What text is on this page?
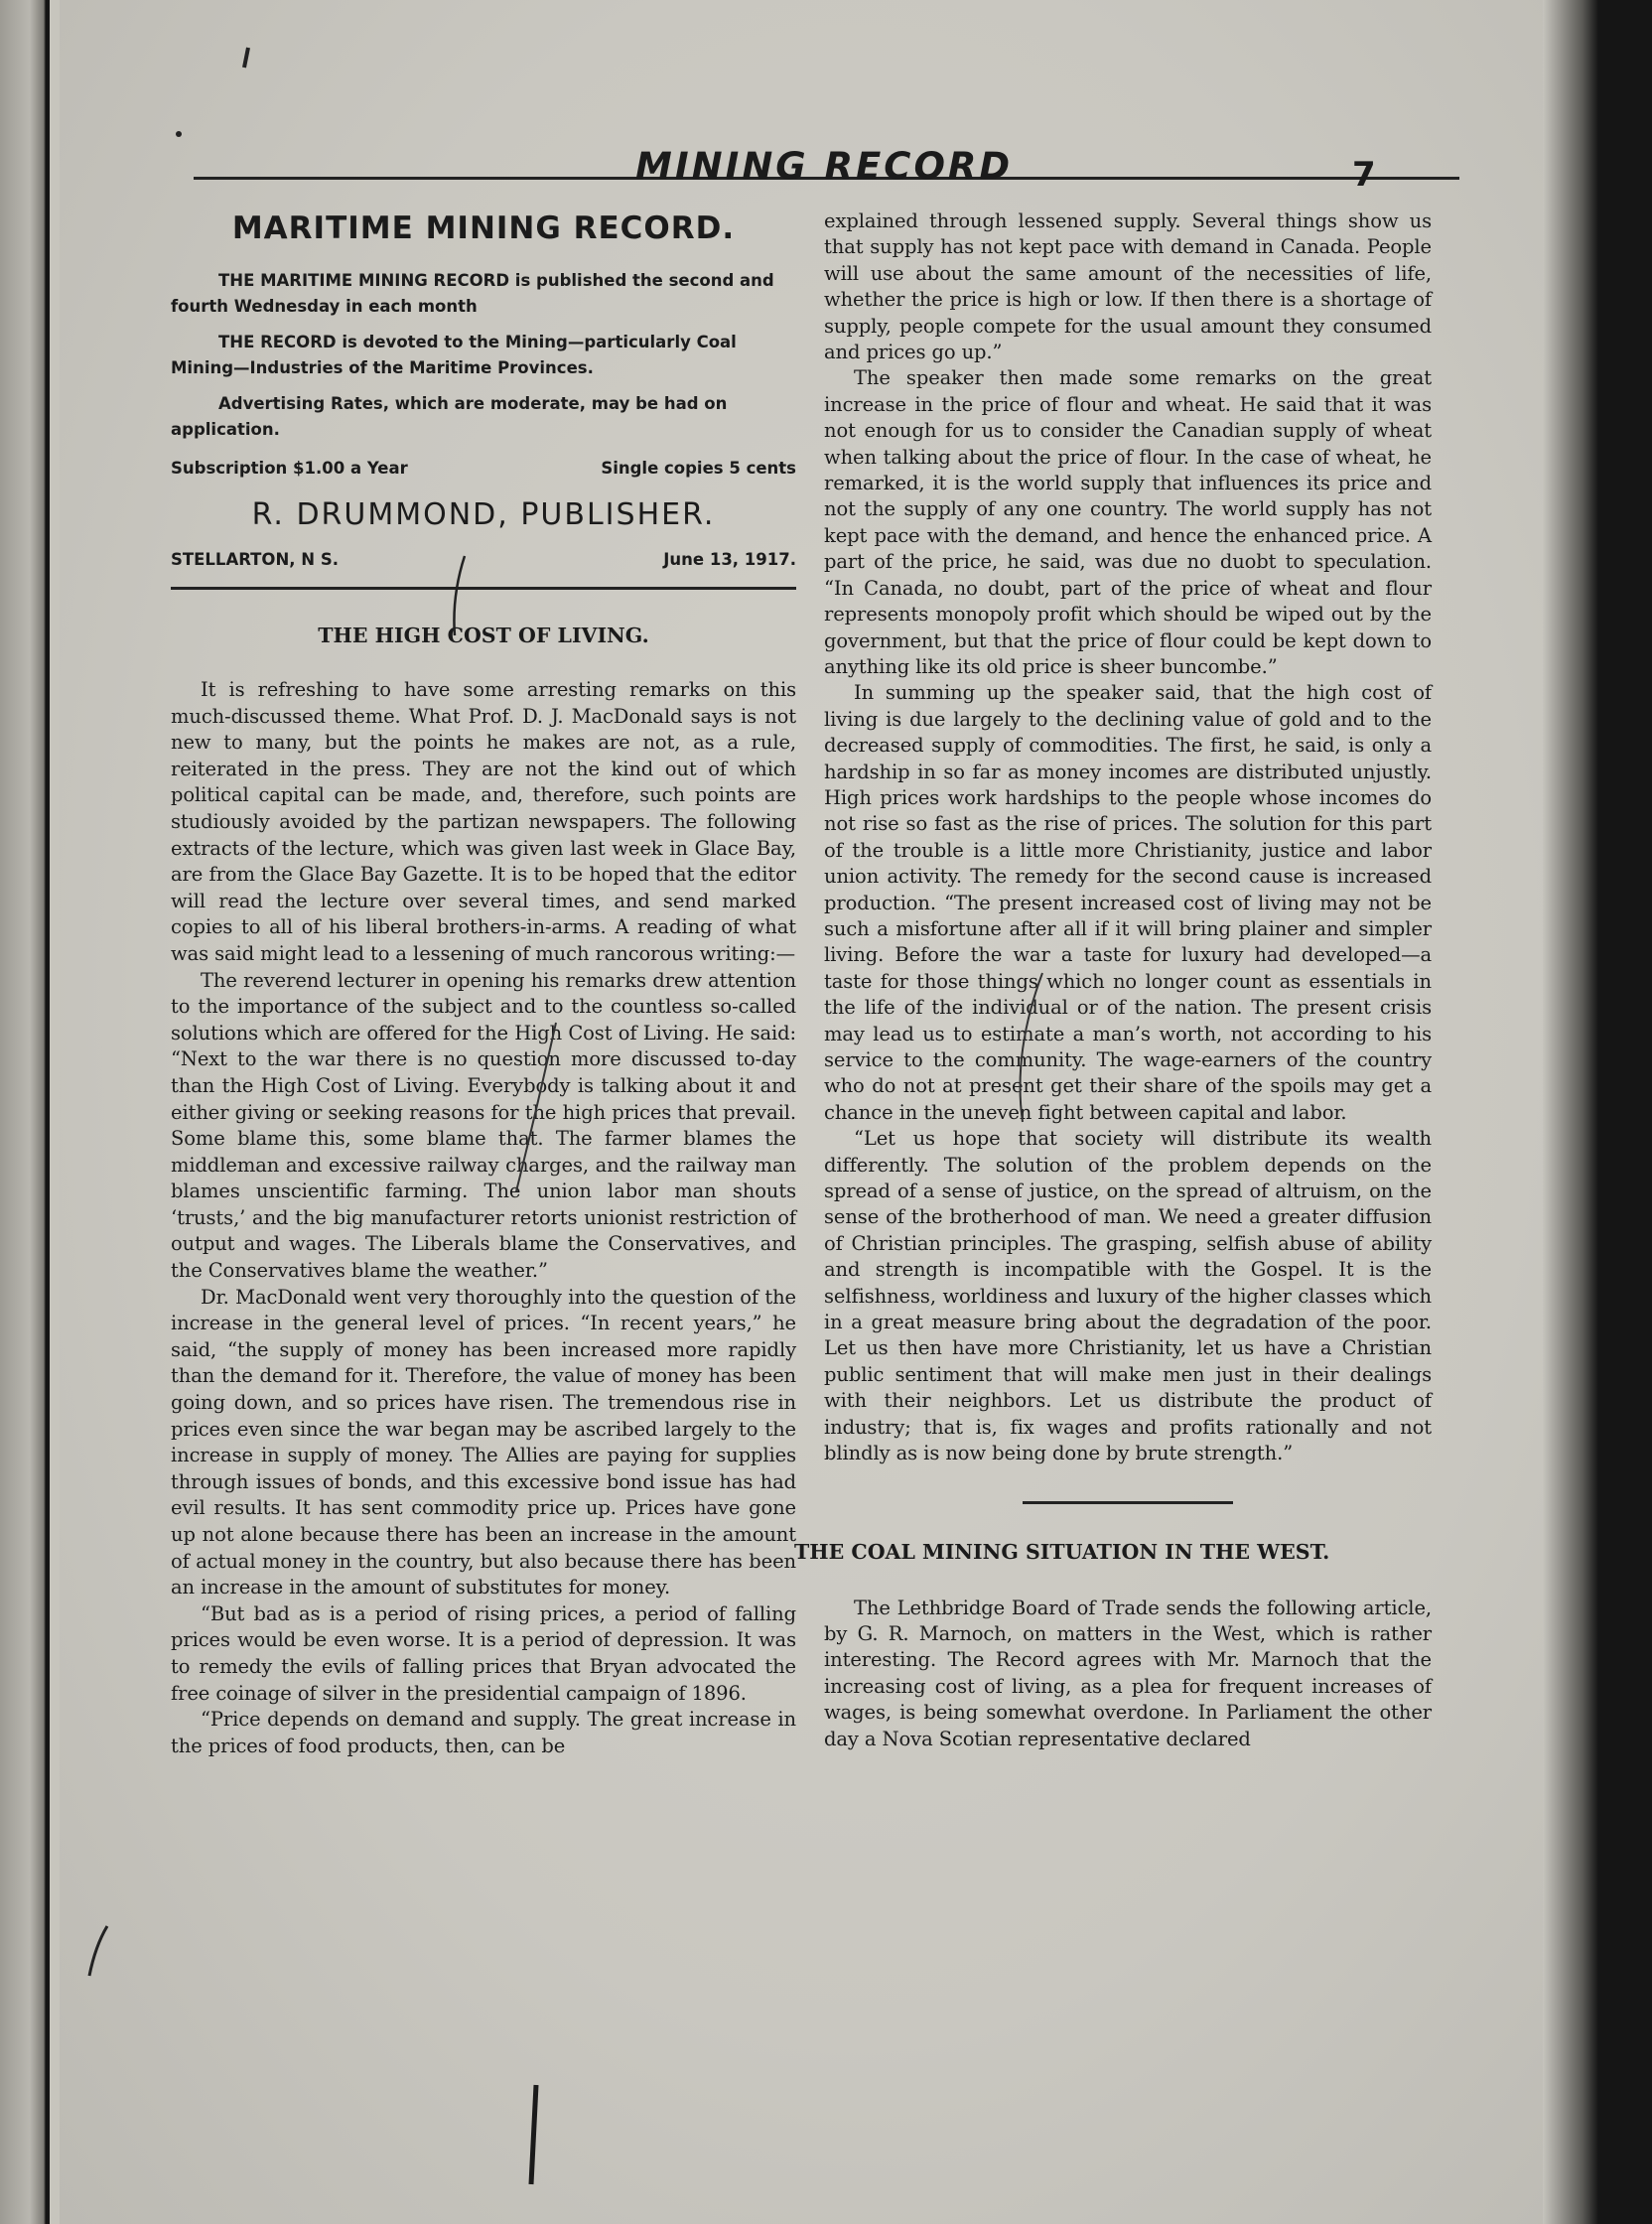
MINING RECORD	7
MARITIME MINING RECORD.

THE MARITIME MINING RECORD is published the second and fourth Wednesday in each month

THE RECORD is devoted to the Mining—particularly Coal Mining—Industries of the Maritime Provinces.

Advertising Rates, which are moderate, may be had on application.

Subscription $1.00 a Year	Single copies 5 cents
R. DRUMMOND, PUBLISHER.
STELLARTON, N S.	June 13, 1917.
THE HIGH COST OF LIVING.

It is refreshing to have some arresting remarks on this much-discussed theme. What Prof. D. J. MacDonald says is not new to many, but the points he makes are not, as a rule, reiterated in the press. They are not the kind out of which political capital can be made, and, therefore, such points are studiously avoided by the partizan newspapers. The following extracts of the lecture, which was given last week in Glace Bay, are from the Glace Bay Gazette. It is to be hoped that the editor will read the lecture over several times, and send marked copies to all of his liberal brothers-in-arms. A reading of what was said might lead to a lessening of much rancorous writing:—

The reverend lecturer in opening his remarks drew attention to the importance of the subject and to the countless so-called solutions which are offered for the High Cost of Living. He said: “Next to the war there is no question more discussed to-day than the High Cost of Living. Everybody is talking about it and either giving or seeking reasons for the high prices that prevail. Some blame this, some blame that. The farmer blames the middleman and excessive railway charges, and the railway man blames unscientific farming. The union labor man shouts ‘trusts,’ and the big manufacturer retorts unionist restriction of output and wages. The Liberals blame the Conservatives, and the Conservatives blame the weather.”

Dr. MacDonald went very thoroughly into the question of the increase in the general level of prices. “In recent years,” he said, “the supply of money has been increased more rapidly than the demand for it. Therefore, the value of money has been going down, and so prices have risen. The tremendous rise in prices even since the war began may be ascribed largely to the increase in supply of money. The Allies are paying for supplies through issues of bonds, and this excessive bond issue has had evil results. It has sent commodity price up. Prices have gone up not alone because there has been an increase in the amount of actual money in the country, but also because there has been an increase in the amount of substitutes for money.

“But bad as is a period of rising prices, a period of falling prices would be even worse. It is a period of depression. It was to remedy the evils of falling prices that Bryan advocated the free coinage of silver in the presidential campaign of 1896.

“Price depends on demand and supply. The great increase in the prices of food products, then, can be

explained through lessened supply. Several things show us that supply has not kept pace with demand in Canada. People will use about the same amount of the necessities of life, whether the price is high or low. If then there is a shortage of supply, people compete for the usual amount they consumed and prices go up.”

The speaker then made some remarks on the great increase in the price of flour and wheat. He said that it was not enough for us to consider the Canadian supply of wheat when talking about the price of flour. In the case of wheat, he remarked, it is the world supply that influences its price and not the supply of any one country. The world supply has not kept pace with the demand, and hence the enhanced price. A part of the price, he said, was due no duobt to speculation. “In Canada, no doubt, part of the price of wheat and flour represents monopoly profit which should be wiped out by the government, but that the price of flour could be kept down to anything like its old price is sheer buncombe.”

In summing up the speaker said, that the high cost of living is due largely to the declining value of gold and to the decreased supply of commodities. The first, he said, is only a hardship in so far as money incomes are distributed unjustly. High prices work hardships to the people whose incomes do not rise so fast as the rise of prices. The solution for this part of the trouble is a little more Christianity, justice and labor union activity. The remedy for the second cause is increased production. “The present increased cost of living may not be such a misfortune after all if it will bring plainer and simpler living. Before the war a taste for luxury had developed—a taste for those things which no longer count as essentials in the life of the individual or of the nation. The present crisis may lead us to estimate a man’s worth, not according to his service to the community. The wage-earners of the country who do not at present get their share of the spoils may get a chance in the uneven fight between capital and labor.

“Let us hope that society will distribute its wealth differently. The solution of the problem depends on the spread of a sense of justice, on the spread of altruism, on the sense of the brotherhood of man. We need a greater diffusion of Christian principles. The grasping, selfish abuse of ability and strength is incompatible with the Gospel. It is the selfishness, worldiness and luxury of the higher classes which in a great measure bring about the degradation of the poor. Let us then have more Christianity, let us have a Christian public sentiment that will make men just in their dealings with their neighbors. Let us distribute the product of industry; that is, fix wages and profits rationally and not blindly as is now being done by brute strength.”

THE COAL MINING SITUATION IN THE WEST.

The Lethbridge Board of Trade sends the following article, by G. R. Marnoch, on matters in the West, which is rather interesting. The Record agrees with Mr. Marnoch that the increasing cost of living, as a plea for frequent increases of wages, is being somewhat overdone. In Parliament the other day a Nova Scotian representative declared
